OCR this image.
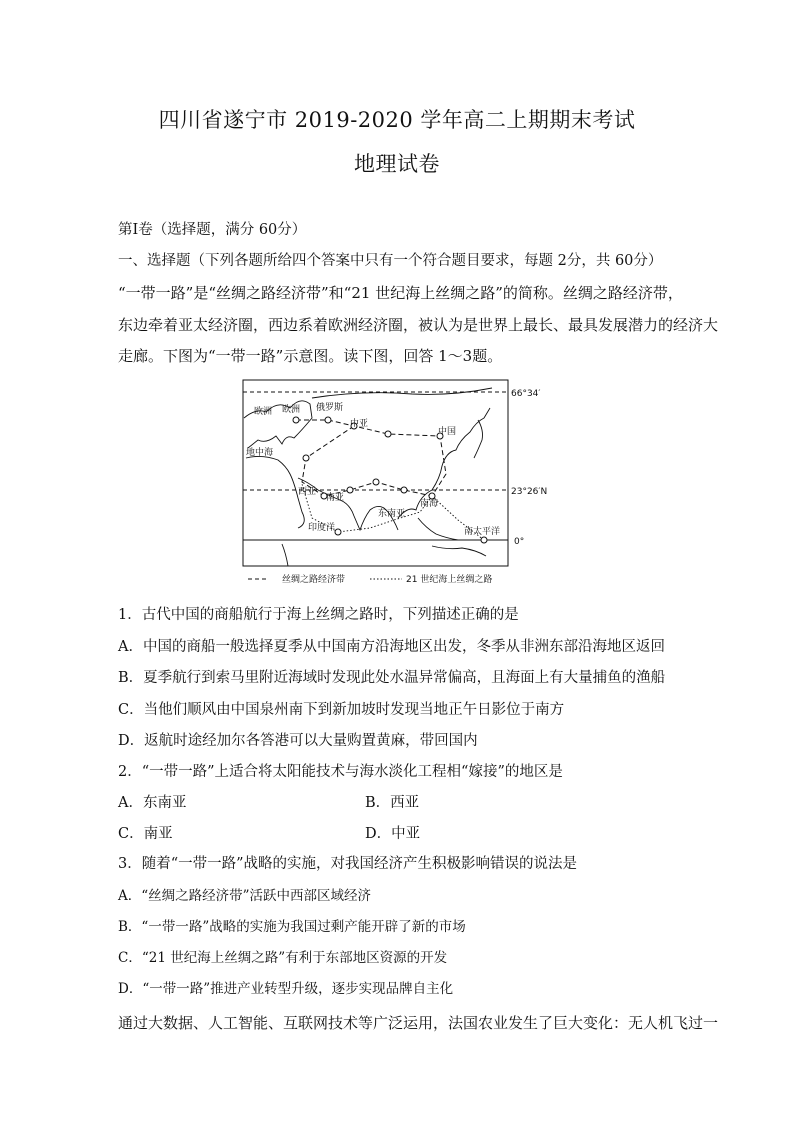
四川省遂宁市 2019-2020 学年高二上期期末考试
地理试卷
第Ⅰ卷（选择题，满分 60分）
一、选择题（下列各题所给四个答案中只有一个符合题目要求，每题 2分，共 60分）
“一带一路”是“丝绸之路经济带”和“21 世纪海上丝绸之路”的简称。丝绸之路经济带，
东边牵着亚太经济圈，西边系着欧洲经济圈，被认为是世界上最长、最具发展潜力的经济大
走廊。下图为“一带一路”示意图。读下图，回答 1～3题。
欧洲 欧洲 俄罗斯
中亚
中国
地中海
西亚
南亚
东南亚
南海
印度洋	南太平洋
66°34′
23°26′N
0°
丝绸之路经济带	21 世纪海上丝绸之路
1．古代中国的商船航行于海上丝绸之路时，下列描述正确的是
A．中国的商船一般选择夏季从中国南方沿海地区出发，冬季从非洲东部沿海地区返回
B．夏季航行到索马里附近海域时发现此处水温异常偏高，且海面上有大量捕鱼的渔船
C．当他们顺风由中国泉州南下到新加坡时发现当地正午日影位于南方
D．返航时途经加尔各答港可以大量购置黄麻，带回国内
2．“一带一路”上适合将太阳能技术与海水淡化工程相“嫁接”的地区是
A．东南亚	B．西亚
C．南亚	D．中亚
3．随着“一带一路”战略的实施，对我国经济产生积极影响错误的说法是
A．“丝绸之路经济带”活跃中西部区域经济
B．“一带一路”战略的实施为我国过剩产能开辟了新的市场
C．“21 世纪海上丝绸之路”有利于东部地区资源的开发
D．“一带一路”推进产业转型升级，逐步实现品牌自主化
通过大数据、人工智能、互联网技术等广泛运用，法国农业发生了巨大变化：无人机飞过一
